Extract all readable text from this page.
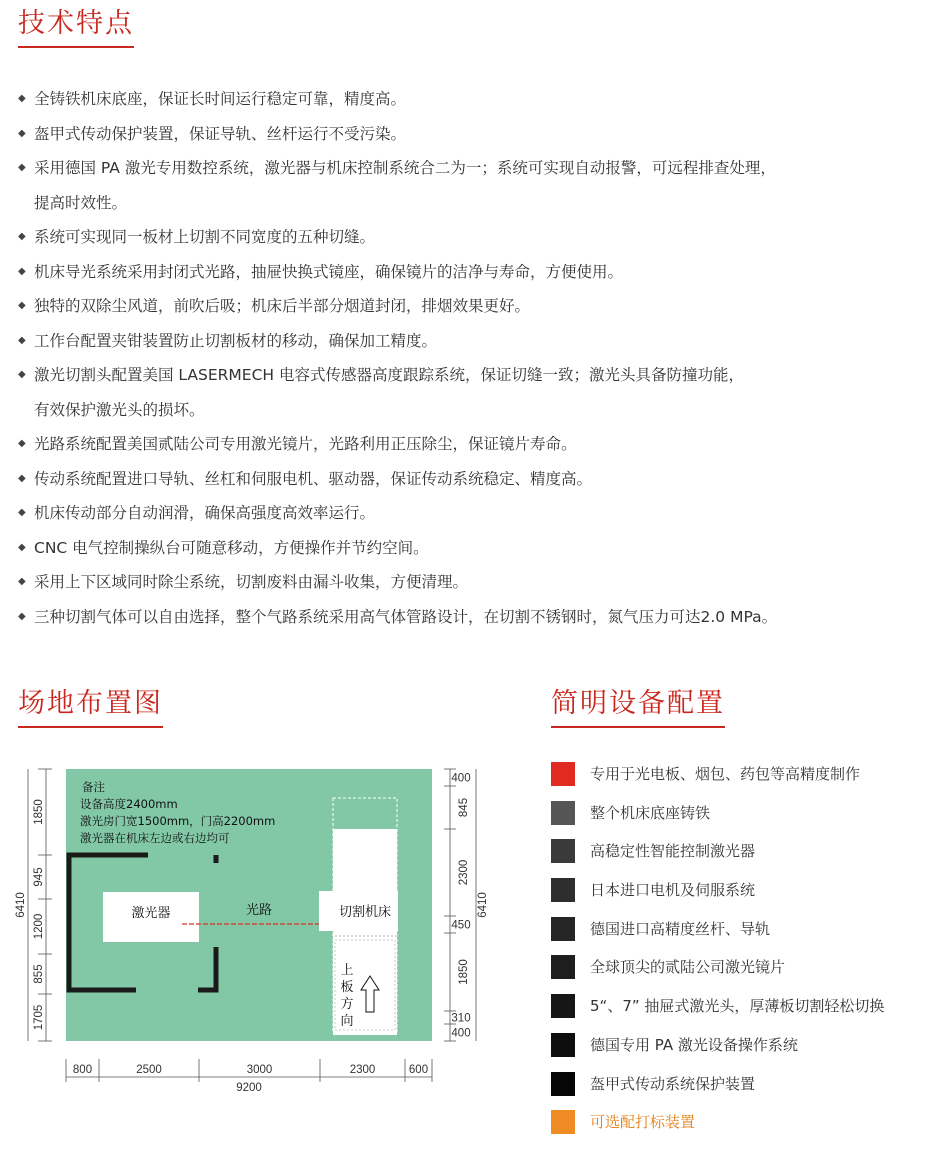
技术特点
◆ 全铸铁机床底座，保证长时间运行稳定可靠，精度高。
◆ 盔甲式传动保护装置，保证导轨、丝杆运行不受污染。
◆ 采用德国 PA 激光专用数控系统，激光器与机床控制系统合二为一；系统可实现自动报警，可远程排查处理，
提高时效性。
◆ 系统可实现同一板材上切割不同宽度的五种切缝。
◆ 机床导光系统采用封闭式光路，抽屉快换式镜座，确保镜片的洁净与寿命，方便使用。
◆ 独特的双除尘风道，前吹后吸；机床后半部分烟道封闭，排烟效果更好。
◆ 工作台配置夹钳装置防止切割板材的移动，确保加工精度。
◆ 激光切割头配置美国 LASERMECH 电容式传感器高度跟踪系统，保证切缝一致；激光头具备防撞功能，
有效保护激光头的损坏。
◆ 光路系统配置美国贰陆公司专用激光镜片，光路利用正压除尘，保证镜片寿命。
◆ 传动系统配置进口导轨、丝杠和伺服电机、驱动器，保证传动系统稳定、精度高。
◆ 机床传动部分自动润滑，确保高强度高效率运行。
◆ CNC 电气控制操纵台可随意移动，方便操作并节约空间。
◆ 采用上下区域同时除尘系统，切割废料由漏斗收集，方便清理。
◆ 三种切割气体可以自由选择，整个气路系统采用高气体管路设计，在切割不锈钢时，氮气压力可达2.0 MPa。
场地布置图
备注
设备高度2400mm
激光房门宽1500mm，门高2200mm
激光器在机床左边或右边均可
激光器	光路	切割机床
上
板
方
向
1850
945
1200
855
1705
6410
400
845
2300
450
1850
310
400
6410
800	2500	3000	2300	600
9200
简明设备配置
专用于光电板、烟包、药包等高精度制作
整个机床底座铸铁
高稳定性智能控制激光器
日本进口电机及伺服系统
德国进口高精度丝杆、导轨
全球顶尖的贰陆公司激光镜片
5“、7” 抽屉式激光头，厚薄板切割轻松切换
德国专用 PA 激光设备操作系统
盔甲式传动系统保护装置
可选配打标装置
